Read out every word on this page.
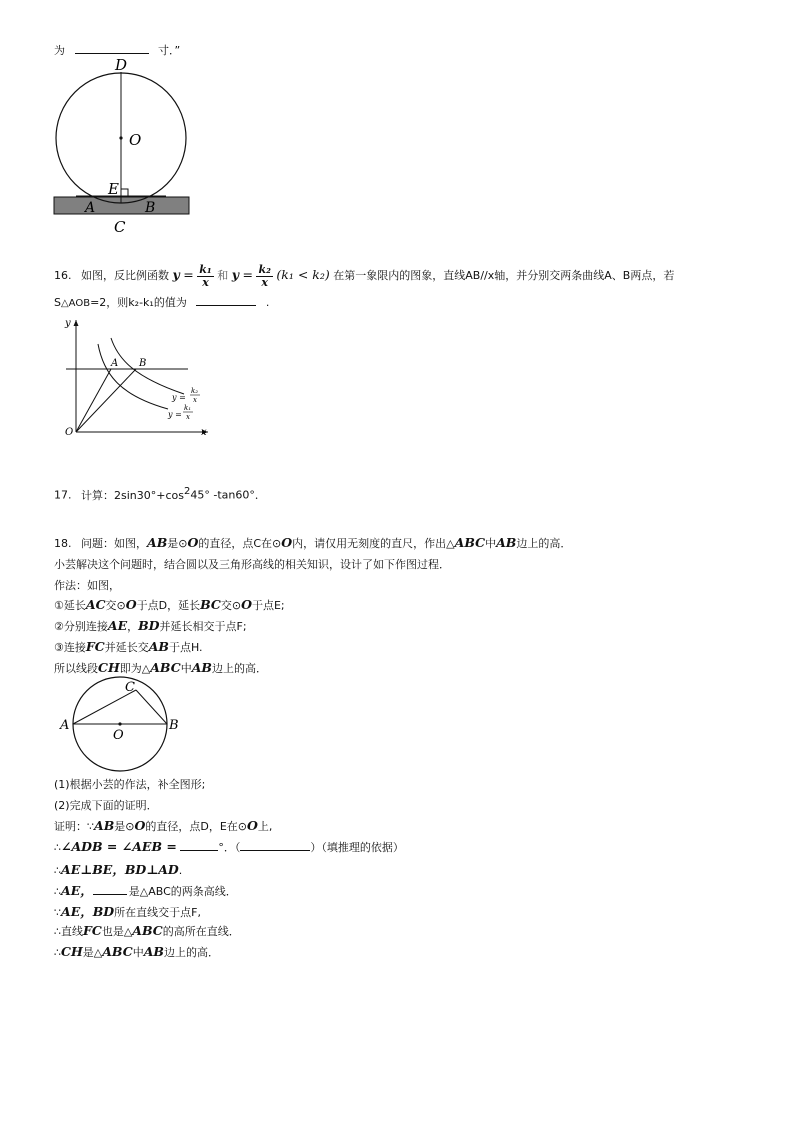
为	寸．”
D
O
E
A	B
C
16. 如图，反比例函数 $y = \frac{\text{k₁}}{x}$ 和 $y = \frac{\text{k₂}}{x} (k_1 < k_2)$ 在第一象限内的图象，直线AB//x轴，并分别交两条曲线A、B两点，若
S△AOB=2，则k₂-k₁的值为	.
y
x
O
A B
y =
k₂
x
y =
k₁
x
17. 计算：$2\sin 30^\circ+\cos^245^\circ$ -tan60°．
18. 问题：如图，AB是⊙O的直径，点C在⊙O内，请仅用无刻度的直尺，作出△ABC中AB边上的高．
小芸解决这个问题时，结合圆以及三角形高线的相关知识，设计了如下作图过程．
作法：如图，
①延长AC交⊙O于点D，延长BC交⊙O于点E;
②分别连接AE，BD并延长相交于点F;
③连接FC并延长交AB于点H.
所以线段CH即为△ABC中AB边上的高．
A	B
C
O
(1)根据小芸的作法，补全图形;
(2)完成下面的证明．
证明：∵AB是⊙O的直径，点D，E在⊙O上,
∴∠ADB = ∠AEB =	°．（	）（填推理的依据）
∴AE⊥BE，BD⊥AD.
∴AE，	是△ABC的两条高线．
∵AE，BD所在直线交于点F,
∴直线FC也是△ABC的高所在直线．
∴CH是△ABC中AB边上的高．
